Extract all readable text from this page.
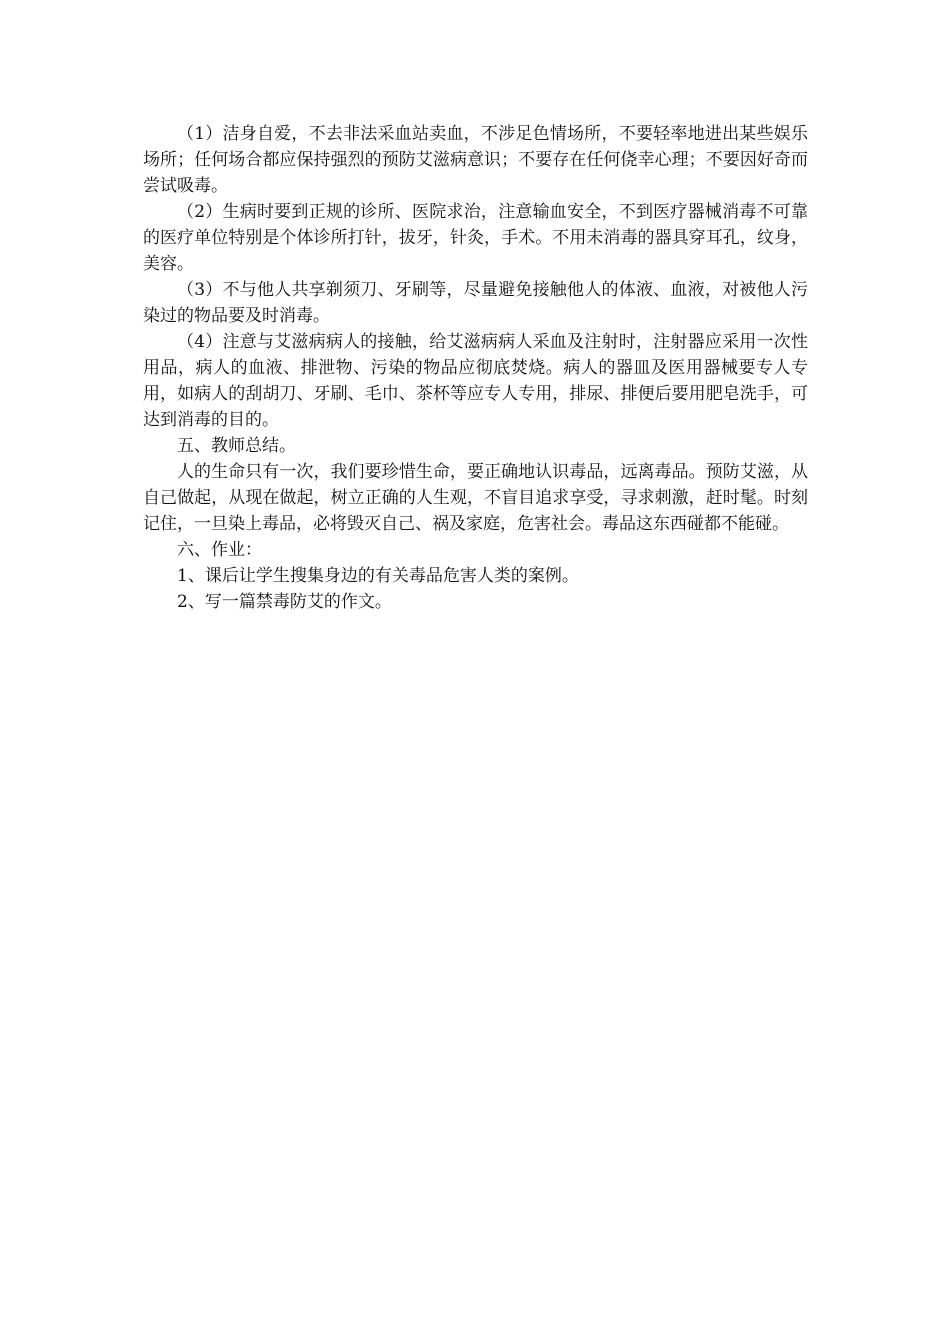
（1）洁身自爱，不去非法采血站卖血，不涉足色情场所，不要轻率地进出某些娱乐场所；任何场合都应保持强烈的预防艾滋病意识；不要存在任何侥幸心理；不要因好奇而尝试吸毒。

（2）生病时要到正规的诊所、医院求治，注意输血安全，不到医疗器械消毒不可靠的医疗单位特别是个体诊所打针，拔牙，针灸，手术。不用未消毒的器具穿耳孔，纹身，美容。

（3）不与他人共享剃须刀、牙刷等，尽量避免接触他人的体液、血液，对被他人污染过的物品要及时消毒。

（4）注意与艾滋病病人的接触，给艾滋病病人采血及注射时，注射器应采用一次性用品，病人的血液、排泄物、污染的物品应彻底焚烧。病人的器皿及医用器械要专人专用，如病人的刮胡刀、牙刷、毛巾、茶杯等应专人专用，排尿、排便后要用肥皂洗手，可达到消毒的目的。

五、教师总结。

人的生命只有一次，我们要珍惜生命，要正确地认识毒品，远离毒品。预防艾滋，从自己做起，从现在做起，树立正确的人生观，不盲目追求享受，寻求刺激，赶时髦。时刻记住，一旦染上毒品，必将毁灭自己、祸及家庭，危害社会。毒品这东西碰都不能碰。

六、作业：

1、课后让学生搜集身边的有关毒品危害人类的案例。

2、写一篇禁毒防艾的作文。
